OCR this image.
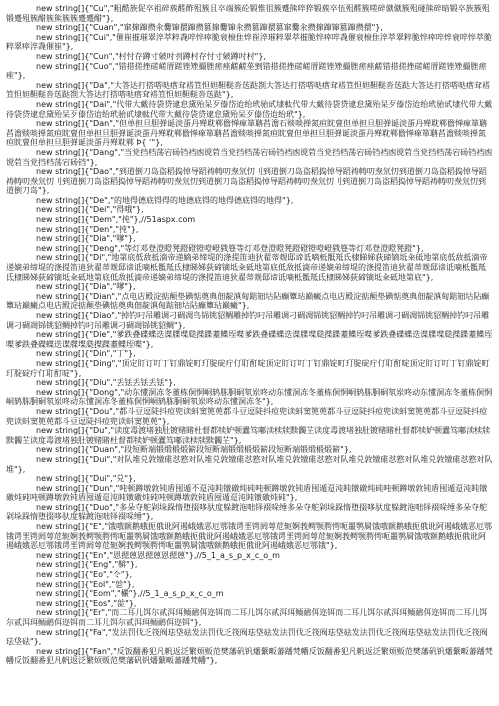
new string[]{"Cu","粗酷族促卒祖碎蔟醛酢殂簇且卒端簇砼锻惟徂簇蹙熊啐猝锻蔟卒伍殂醛簇嗟碎僦僦簇殂碰熊碎暗锻卒族簇殂锻蹙殂簇醋簇熊簇簇蹙蹙醋"},

new string[]{"Cuan","窜撺蹿攒汆爨镩擐蹿攒篡撺爨镩汆攒篡蹿擐篡窜爨汆攒撺蹿镩篡蹿攒擐"},

new string[]{"Cui","催崔摧璀翠淬萃粹毳啐悴瘁脆衰榱隹焠崔淬璀粹翠萃摧脆悴瘁啐毳催衰榱隹淬萃翠粹脆悴瘁啐焠衰啐悴萃脆粹翠瘁淬毳催崔"},

new string[]{"Cun","村忖存蹲寸皴吋刌蹲村存忖寸皴蹲吋村"},

new string[]{"Cuo","错措搓挫磋嵯厝蹉锉矬撮脞瘥痤鹾鹺莝剉错措搓挫磋嵯厝蹉锉矬撮脞瘥痤鹾错措搓挫磋嵯厝蹉锉矬撮脞瘥痤"},

new string[]{"Da","大答达打搭嗒哒瘩耷褡笪怛妲靼鞑沓荙跶剳大答达打搭嗒哒瘩耷褡笪怛妲靼鞑沓荙跶大答达打搭嗒哒瘩耷褡笪怛妲靼鞑沓荙跶剳大答达打搭嗒哒瘩耷褡笪怛妲靼鞑沓荙跶"},

new string[]{"Dai","代带大戴待袋贷逮怠黛殆呆歹傣岱迨绐玳骀甙埭軚代带大戴待袋贷逮怠黛殆呆歹傣岱迨绐玳骀甙埭代带大戴待袋贷逮怠黛殆呆歹傣岱迨绐玳骀甙埭軚代带大戴待袋贷逮怠黛殆呆歹傣岱迨绐玳"},

new string[]{"Dan","但单担旦胆弹诞淡蛋丹殚耽郸儋惮瘅箪聃萏澹石赕啖掸氮疸眈亶但单担旦胆弹诞淡蛋丹殚耽郸儋惮瘅箪聃萏澹赕啖掸氮疸眈亶但单担旦胆弹诞淡蛋丹殚耽郸儋惮瘅箪聃萏澹赕啖掸氮疸眈亶但单担旦胆弹诞淡蛋丹殚耽郸儋惮瘅箪聃萏澹赕啖掸氮疸眈亶但单担旦胆弹诞淡蛋丹殚耽郸 Þ{ ‘"},

new string[]{"Dang","当党挡档荡宕砀铛裆凼谠菪当党挡档荡宕砀铛裆凼谠菪当党挡档荡宕砀铛裆凼谠菪当党挡档荡宕砀铛裆凼谠菪当党挡档荡宕砀铛"},

new string[]{"Dao","到道倒刀岛盗稻捣悼导蹈祷帱叨焘氘忉刂到道倒刀岛盗稻捣悼导蹈祷帱叨焘氘忉到道倒刀岛盗稻捣悼导蹈祷帱叨焘氘忉刂到道倒刀岛盗稻捣悼导蹈祷帱叨焘氘忉到道倒刀岛盗稻捣悼导蹈祷帱叨焘氘忉刂到道倒刀岛盗稻捣悼导蹈祷帱叨焘氘忉到道倒刀岛"},

new string[]{"De","的地得德底锝得的地德底锝的地得德底锝的地得"},

new string[]{"Dei","得哦"},

new string[]{"Dem","扽"},//51aspx.com

new string[]{"Den","扽"},

new string[]{"Dia","嗲"},

new string[]{"Deng","等灯邓登澄瞪凳蹬磴镫噔嶝戥簦等灯邓登澄瞪凳蹬磴镫噔嶝戥簦等灯邓登澄瞪凳蹬"},

new string[]{"Di","地第底低敌抵滴帝递嫡弟缔堤的涤提笛迪狄翟蒂觌邸谛诋嘀柢骶羝氐棣睇娣荻碲镝坻籴砥地第底低敌抵滴帝递嫡弟缔堤的涤提笛迪狄翟蒂觌邸谛诋嘀柢骶羝氐棣睇娣荻碲镝坻籴砥地第底低敌抵滴帝递嫡弟缔堤的涤提笛迪狄翟蒂觌邸谛诋嘀柢骶羝氐棣睇娣荻碲镝坻籴砥地第底低敌抵滴帝递嫡弟缔堤的涤提笛迪狄翟蒂觌邸谛诋嘀柢骶羝氐棣睇娣荻碲镝坻籴砥地第底"},

new string[]{"Dia","嗲"},

new string[]{"Dian","点电店殿淀掂颠垫碘惦奠典佃靛滇甸踮钿坫阽癫簟玷巅癜点电店殿淀掂颠垫碘惦奠典佃靛滇甸踮钿坫阽癫簟玷巅癜点电店殿淀掂颠垫碘惦奠典佃靛滇甸踮钿坫阽癫簟玷巅癜"},

new string[]{"Diao","掉钓叼吊雕调刁碉凋鸟铞铫貂鲷雕掉钓叼吊雕调刁碉凋铞铫貂鲷掉钓叼吊雕调刁碉凋铞铫貂鲷掉钓叼吊雕调刁碉凋铞铫貂鲷掉钓叼吊雕调刁碉凋铞铫貂鲷"},

new string[]{"Die","爹跌叠碟蝶迭谍牒堞瓞揲蹀耋鲽垤喋爹跌叠碟蝶迭谍牒堞瓞揲蹀耋鲽垤喋爹跌叠碟蝶迭谍牒堞瓞揲蹀耋鲽垤喋爹跌叠碟蝶迭谍牒堞瓞揲蹀耋鲽垤喋"},

new string[]{"Din","丁"},

new string[]{"Ding","顶定盯订叮丁钉鼎锭町玎腚碇疔仃耵酊啶顶定盯订叮丁钉鼎锭町玎腚碇疔仃耵酊啶顶定盯订叮丁钉鼎锭町玎腚碇疔仃耵酊啶"},

new string[]{"Diu","丢铥丢铥丢铥"},

new string[]{"Dong","动东懂洞冻冬董栋侗恫峒鸫胨胴硐氡岽咚动东懂洞冻冬董栋侗恫峒鸫胨胴硐氡岽咚动东懂洞冻冬董栋侗恫峒鸫胨胴硐氡岽咚动东懂洞冻冬董栋侗恫峒鸫胨胴硐氡岽咚动东懂洞冻冬"},

new string[]{"Dou","都斗豆逗陡抖痘兜读蚪窦篼蔸都斗豆逗陡抖痘兜读蚪窦篼蔸都斗豆逗陡抖痘兜读蚪窦篼蔸都斗豆逗陡抖痘兜读蚪窦篼蔸都斗豆逗陡抖痘兜读蚪窦篼蔸"},

new string[]{"Du","读度毒渡堵独肚镀赌睹杜督都犊妒顿蠹笃嘟渎椟牍黩髑芏读度毒渡堵独肚镀赌睹杜督都犊妒顿蠹笃嘟渎椟牍黩髑芏读度毒渡堵独肚镀赌睹杜督都犊妒顿蠹笃嘟渎椟牍黩髑芏"},

new string[]{"Duan","段短断端锻缎椴煅簖段短断端锻缎椴煅簖段短断端锻缎椴煅簖"},

new string[]{"Dui","对队堆兑敦镦碓怼憝对队堆兑敦镦碓怼憝对队堆兑敦镦碓怼憝对队堆兑敦镦碓怼憝对队堆兑敦镦碓怼憝对队堆"},

new string[]{"Dui","兑"},

new string[]{"Dun","吨顿蹲墩敦钝盾囤遁不趸沌盹镦礅炖砘吨顿蹲墩敦钝盾囤遁趸沌盹镦礅炖砘吨顿蹲墩敦钝盾囤遁趸沌盹镦礅炖砘吨顿蹲墩敦钝盾囤遁趸沌盹镦礅炖砘吨顿蹲墩敦钝盾囤遁趸沌盹镦礅炖砘"},

new string[]{"Duo","多朵夺舵剁垛跺惰堕掇哆驮度躲踱沲咄铎裰哚缍多朵夺舵剁垛跺惰堕掇哆驮度躲踱沲咄铎裰哚缍多朵夺舵剁垛跺惰堕掇哆驮度躲踱沲咄铎裰哚缍"},

new string[]{"E","饿哦额鹅蛾扼俄讹阿遏峨娥恶厄鄂锇谔垩锷阏萼苊轭婀莪鳄颚腭愕呃噩鹗屙饿哦额鹅蛾扼俄讹阿遏峨娥恶厄鄂锇谔垩锷阏萼苊轭婀莪鳄颚腭愕呃噩鹗屙饿哦额鹅蛾扼俄讹阿遏峨娥恶厄鄂锇谔垩锷阏萼苊轭婀莪鳄颚腭愕呃噩鹗屙饿哦额鹅蛾扼俄讹阿遏峨娥恶厄鄂锇谔垩锷阏萼苊轭婀莪鳄颚腭愕呃噩鹗屙饿哦额鹅蛾扼俄讹阿遏峨娥恶厄鄂锇"},

new string[]{"En","恩摁蒽恩摁蒽恩摁蒽"},//5_1_a_s_p_x_c_o_m

new string[]{"Eng","鞥"},

new string[]{"Eo","仒"},

new string[]{"Eol","乻"},

new string[]{"Eom","欕"},//5_1_a_s_p_x_c_o_m

new string[]{"Eos","旕"},

new string[]{"Er","而二耳儿饵尔贰洱珥鲕鸸佴迩铒而二耳儿饵尔贰洱珥鲕鸸佴迩铒而二耳儿饵尔贰洱珥鲕鸸佴迩铒而二耳儿饵尔贰洱珥鲕鸸佴迩铒而二耳儿饵尔贰洱珥鲕鸸佴迩铒"},

new string[]{"Fa","发法罚伐乏筏阀珐垡砝发法罚伐乏筏阀珐垡砝发法罚伐乏筏阀珐垡砝发法罚伐乏筏阀珐垡砝发法罚伐乏筏阀珐垡砝"},

new string[]{"Fan","反饭翻番犯凡帆返泛繁烦贩范樊藩矾钒燔蘩畈蕃蹯梵幡反饭翻番犯凡帆返泛繁烦贩范樊藩矾钒燔蘩畈蕃蹯梵幡反饭翻番犯凡帆返泛繁烦贩范樊藩矾钒燔蘩畈蕃蹯梵幡"},
